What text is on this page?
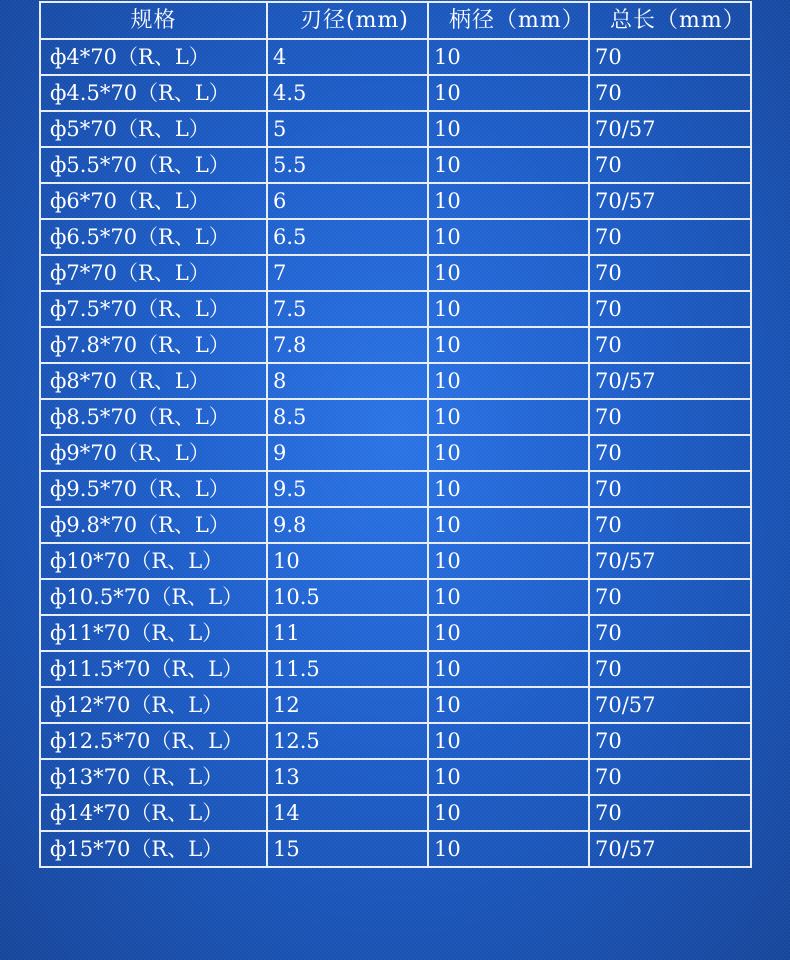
规格	刃径(mm)	柄径（mm）	总长（mm）
ф4*70（R、L）	4	10	70
ф4.5*70（R、L）	4.5	10	70
ф5*70（R、L）	5	10	70/57
ф5.5*70（R、L）	5.5	10	70
ф6*70（R、L）	6	10	70/57
ф6.5*70（R、L）	6.5	10	70
ф7*70（R、L）	7	10	70
ф7.5*70（R、L）	7.5	10	70
ф7.8*70（R、L）	7.8	10	70
ф8*70（R、L）	8	10	70/57
ф8.5*70（R、L）	8.5	10	70
ф9*70（R、L）	9	10	70
ф9.5*70（R、L）	9.5	10	70
ф9.8*70（R、L）	9.8	10	70
ф10*70（R、L）	10	10	70/57
ф10.5*70（R、L）	10.5	10	70
ф11*70（R、L）	11	10	70
ф11.5*70（R、L）	11.5	10	70
ф12*70（R、L）	12	10	70/57
ф12.5*70（R、L）	12.5	10	70
ф13*70（R、L）	13	10	70
ф14*70（R、L）	14	10	70
ф15*70（R、L）	15	10	70/57
